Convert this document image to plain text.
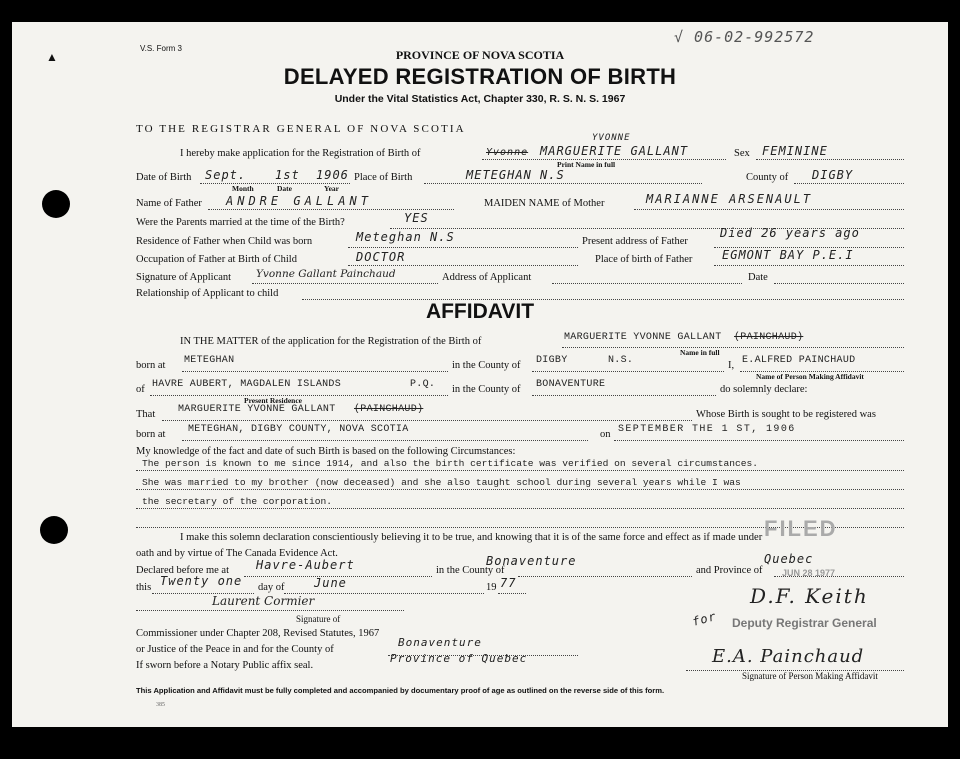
▲
V.S. Form 3
√ 06-02-992572
PROVINCE OF NOVA SCOTIA
DELAYED REGISTRATION OF BIRTH
Under the Vital Statistics Act, Chapter 330, R. S. N. S. 1967
TO THE REGISTRAR GENERAL OF NOVA SCOTIA
I hereby make application for the Registration of Birth of	Yvonne
YVONNE
MARGUERITE GALLANT
Print Name in full
Sex FEMININE
Date of Birth Sept. 1st 1906
Month	Date	Year
Place of Birth	METEGHAN N.S	County of DIGBY
Name of Father ANDRE GALLANT	MAIDEN NAME of Mother	MARIANNE ARSENAULT
Were the Parents married at the time of the Birth?	YES
Residence of Father when Child was born	Meteghan N.S	Present address of Father
Died 26 years ago
Occupation of Father at Birth of Child	DOCTOR	Place of birth of Father EGMONT BAY P.E.I
Signature of Applicant Yvonne Gallant Painchaud	Address of Applicant	Date
Relationship of Applicant to child
AFFIDAVIT
IN THE MATTER of the application for the Registration of the Birth of	MARGUERITE YVONNE GALLANT (PAINCHAUD)
Name in full
born at METEGHAN	in the County of DIGBY	N.S.	I, E.ALFRED PAINCHAUD
Name of Person Making Affidavit
of HAVRE AUBERT, MAGDALEN ISLANDS	P.Q.
Present Residence
in the County of BONAVENTURE	do solemnly declare:
That MARGUERITE YVONNE GALLANT (PAINCHAUD)	Whose Birth is sought to be registered was
born at METEGHAN, DIGBY COUNTY, NOVA SCOTIA	on SEPTEMBER THE 1 ST, 1906
My knowledge of the fact and date of such Birth is based on the following Circumstances:
The person is known to me since 1914, and also the birth certificate was verified on several circumstances.
She was married to my brother (now deceased) and she also taught school during several years while I was
the secretary of the corporation.
I make this solemn declaration conscientiously believing it to be true, and knowing that it is of the same force and effect as if made under
oath and by virtue of The Canada Evidence Act.
Declared before me at Havre-Aubert	in the County of
Bonaventure
and Province of
Quebec
this Twenty one day of June	19 77
Laurent Cormier
Signature of
Commissioner under Chapter 208, Revised Statutes, 1967
or Justice of the Peace in and for the County of
Bonaventure
Province of Quebec
If sworn before a Notary Public affix seal.
FILED
JUN 28 1977
for
D.F. Keith
Deputy Registrar General
E.A. Painchaud
Signature of Person Making Affidavit
This Application and Affidavit must be fully completed and accompanied by documentary proof of age as outlined on the reverse side of this form.
385
